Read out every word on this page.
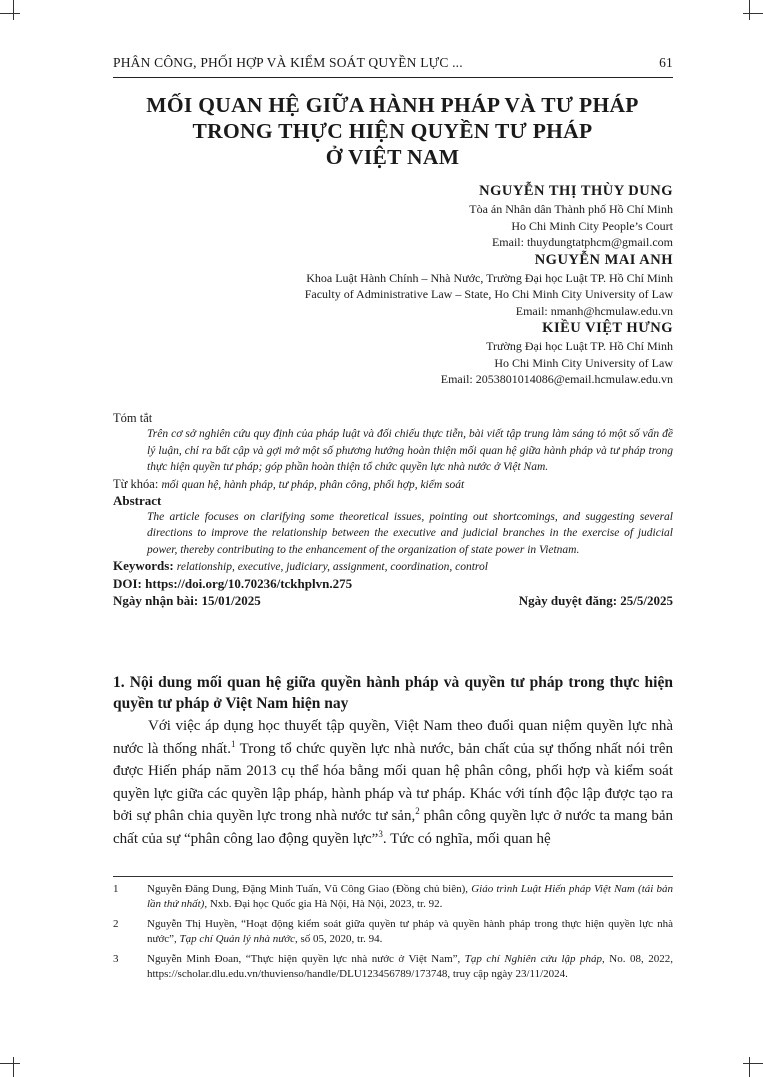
PHÂN CÔNG, PHỐI HỢP VÀ KIỂM SOÁT QUYỀN LỰC ...	61
MỐI QUAN HỆ GIỮA HÀNH PHÁP VÀ TƯ PHÁP
TRONG THỰC HIỆN QUYỀN TƯ PHÁP
Ở VIỆT NAM
NGUYỄN THỊ THÙY DUNG
Tòa án Nhân dân Thành phố Hồ Chí Minh
Ho Chi Minh City People’s Court
Email: thuydungtatphcm@gmail.com
NGUYỄN MAI ANH
Khoa Luật Hành Chính – Nhà Nước, Trường Đại học Luật TP. Hồ Chí Minh
Faculty of Administrative Law – State, Ho Chi Minh City University of Law
Email: nmanh@hcmulaw.edu.vn
KIỀU VIỆT HƯNG
Trường Đại học Luật TP. Hồ Chí Minh
Ho Chi Minh City University of Law
Email: 2053801014086@email.hcmulaw.edu.vn
Tóm tắt
Trên cơ sở nghiên cứu quy định của pháp luật và đối chiếu thực tiễn, bài viết tập trung làm sáng tỏ một số vấn đề lý luận, chỉ ra bất cập và gợi mở một số phương hướng hoàn thiện mối quan hệ giữa hành pháp và tư pháp trong thực hiện quyền tư pháp; góp phần hoàn thiện tổ chức quyền lực nhà nước ở Việt Nam.
Từ khóa: mối quan hệ, hành pháp, tư pháp, phân công, phối hợp, kiểm soát
Abstract
The article focuses on clarifying some theoretical issues, pointing out shortcomings, and suggesting several directions to improve the relationship between the executive and judicial branches in the exercise of judicial power, thereby contributing to the enhancement of the organization of state power in Vietnam.
Keywords: relationship, executive, judiciary, assignment, coordination, control
DOI: https://doi.org/10.70236/tckhplvn.275
Ngày nhận bài: 15/01/2025	Ngày duyệt đăng: 25/5/2025
1. Nội dung mối quan hệ giữa quyền hành pháp và quyền tư pháp trong thực hiện quyền tư pháp ở Việt Nam hiện nay

Với việc áp dụng học thuyết tập quyền, Việt Nam theo đuổi quan niệm quyền lực nhà nước là thống nhất.$^1$ Trong tổ chức quyền lực nhà nước, bản chất của sự thống nhất nói trên được Hiến pháp năm 2013 cụ thể hóa bằng mối quan hệ phân công, phối hợp và kiểm soát quyền lực giữa các quyền lập pháp, hành pháp và tư pháp. Khác với tính độc lập được tạo ra bởi sự phân chia quyền lực trong nhà nước tư sản,$^2$ phân công quyền lực ở nước ta mang bản chất của sự “phân công lao động quyền lực”$^3$. Tức có nghĩa, mối quan hệ

1	Nguyễn Đăng Dung, Đặng Minh Tuấn, Vũ Công Giao (Đồng chủ biên), Giáo trình Luật Hiến pháp Việt Nam (tái bản lần thứ nhất), Nxb. Đại học Quốc gia Hà Nội, Hà Nội, 2023, tr. 92.
2	Nguyễn Thị Huyền, “Hoạt động kiểm soát giữa quyền tư pháp và quyền hành pháp trong thực hiện quyền lực nhà nước”, Tạp chí Quản lý nhà nước, số 05, 2020, tr. 94.
3	Nguyễn Minh Đoan, “Thực hiện quyền lực nhà nước ở Việt Nam”, Tạp chí Nghiên cứu lập pháp, No. 08, 2022, https://scholar.dlu.edu.vn/thuvienso/handle/DLU123456789/173748, truy cập ngày 23/11/2024.
